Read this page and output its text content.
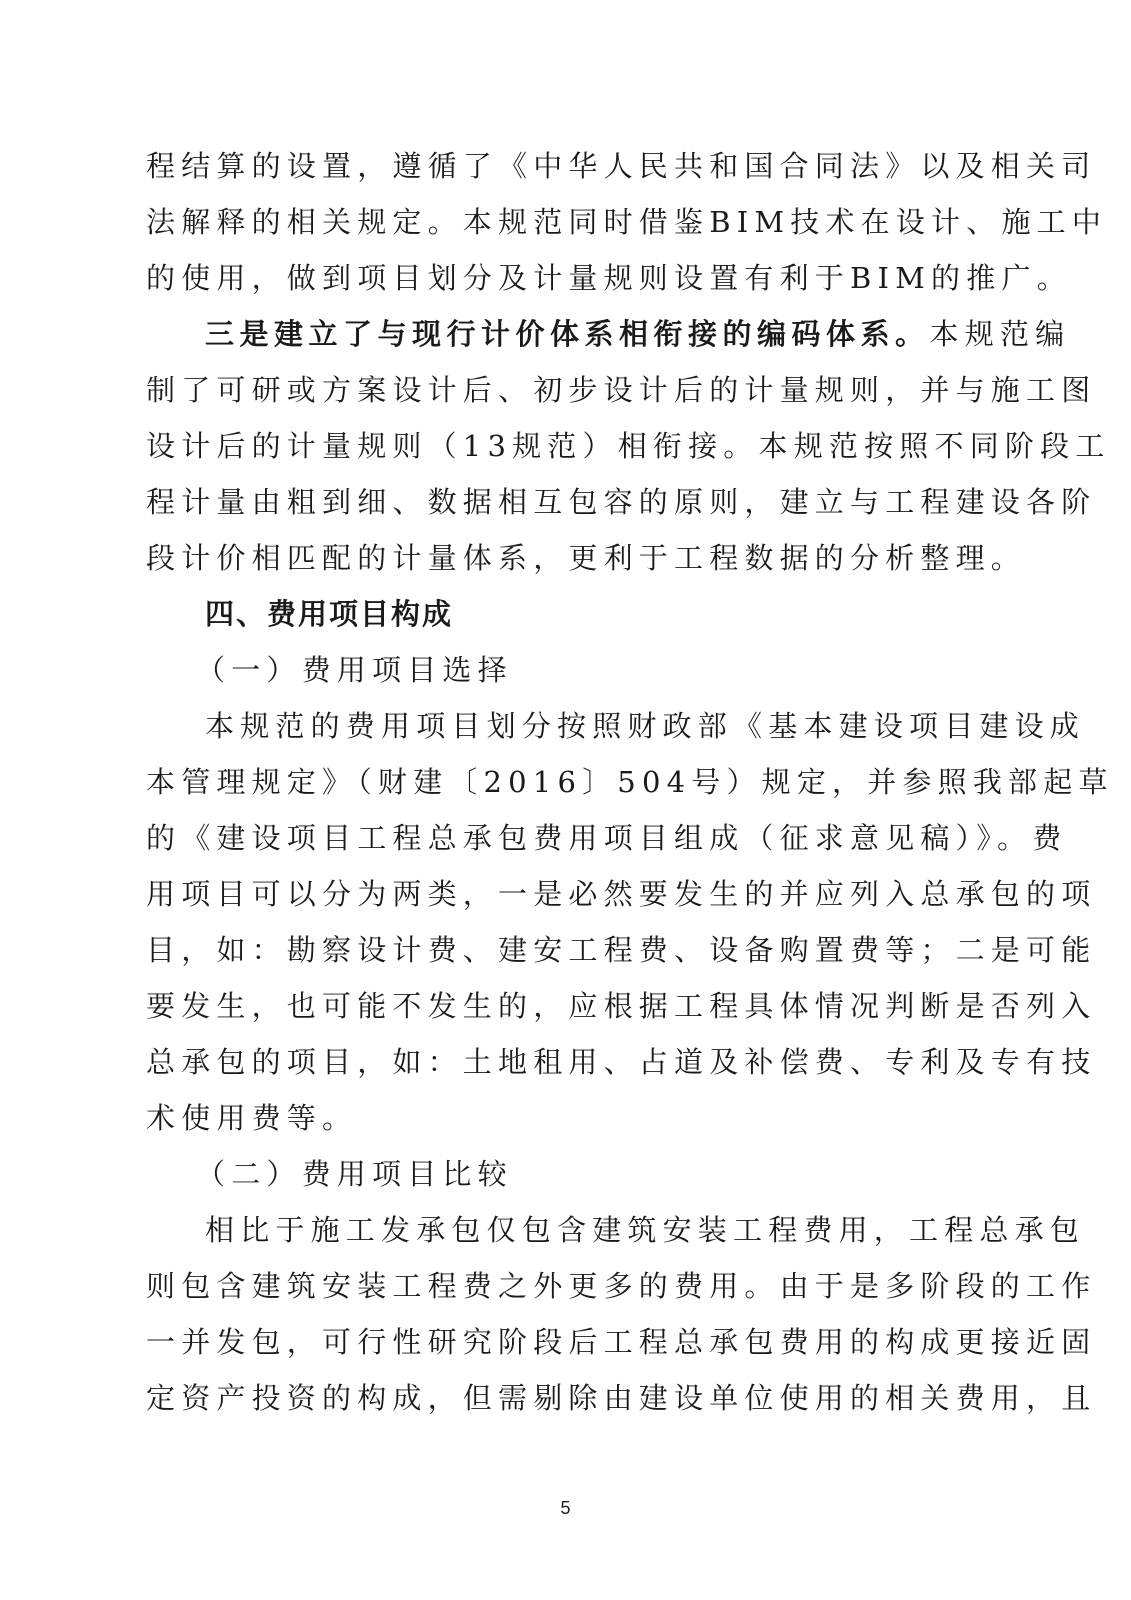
程结算的设置，遵循了《中华人民共和国合同法》以及相关司
法解释的相关规定。本规范同时借鉴BIM技术在设计、施工中
的使用，做到项目划分及计量规则设置有利于BIM的推广。
三是建立了与现行计价体系相衔接的编码体系。本规范编
制了可研或方案设计后、初步设计后的计量规则，并与施工图
设计后的计量规则（13规范）相衔接。本规范按照不同阶段工
程计量由粗到细、数据相互包容的原则，建立与工程建设各阶
段计价相匹配的计量体系，更利于工程数据的分析整理。
四、费用项目构成
（一）费用项目选择
本规范的费用项目划分按照财政部《基本建设项目建设成
本管理规定》（财建〔2016〕504号）规定，并参照我部起草
的《建设项目工程总承包费用项目组成（征求意见稿）》。费
用项目可以分为两类，一是必然要发生的并应列入总承包的项
目，如：勘察设计费、建安工程费、设备购置费等；二是可能
要发生，也可能不发生的，应根据工程具体情况判断是否列入
总承包的项目，如：土地租用、占道及补偿费、专利及专有技
术使用费等。
（二）费用项目比较
相比于施工发承包仅包含建筑安装工程费用，工程总承包
则包含建筑安装工程费之外更多的费用。由于是多阶段的工作
一并发包，可行性研究阶段后工程总承包费用的构成更接近固
定资产投资的构成，但需剔除由建设单位使用的相关费用，且
5
